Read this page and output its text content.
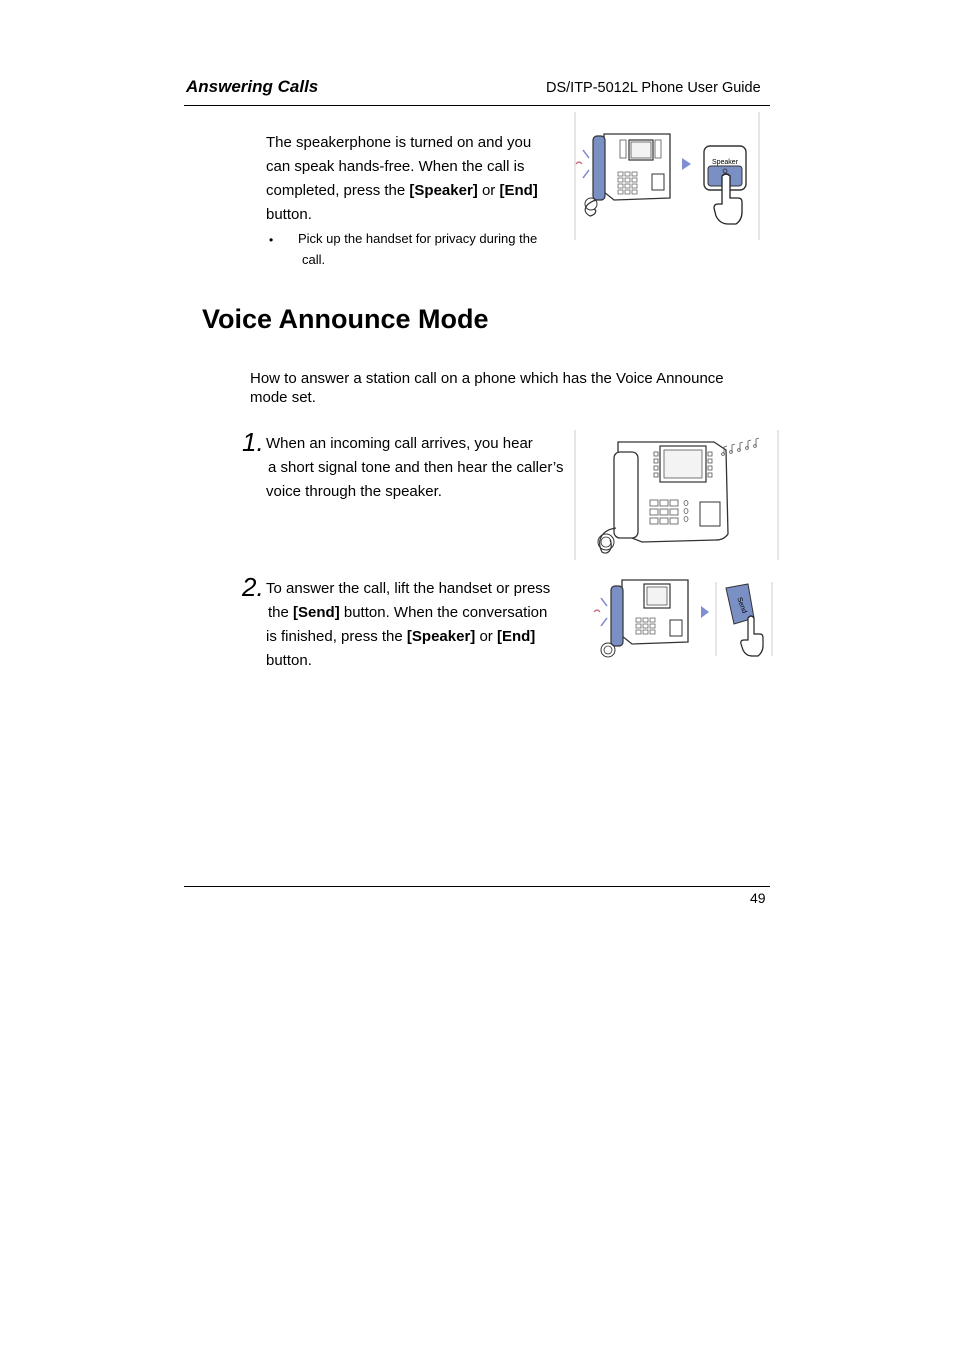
Answering Calls	DS/ITP-5012L Phone User Guide
The speakerphone is turned on and you
can speak hands-free. When the call is
completed, press the [Speaker] or [End]
button.
• Pick up the handset for privacy during the
call.
Speaker
Voice Announce Mode
How to answer a station call on a phone which has the Voice Announce
mode set.
1. When an incoming call arrives, you hear
a short signal tone and then hear the caller’s
voice through the speaker.
2. To answer the call, lift the handset or press
the [Send] button. When the conversation
is finished, press the [Speaker] or [End]
button.
Send
49
